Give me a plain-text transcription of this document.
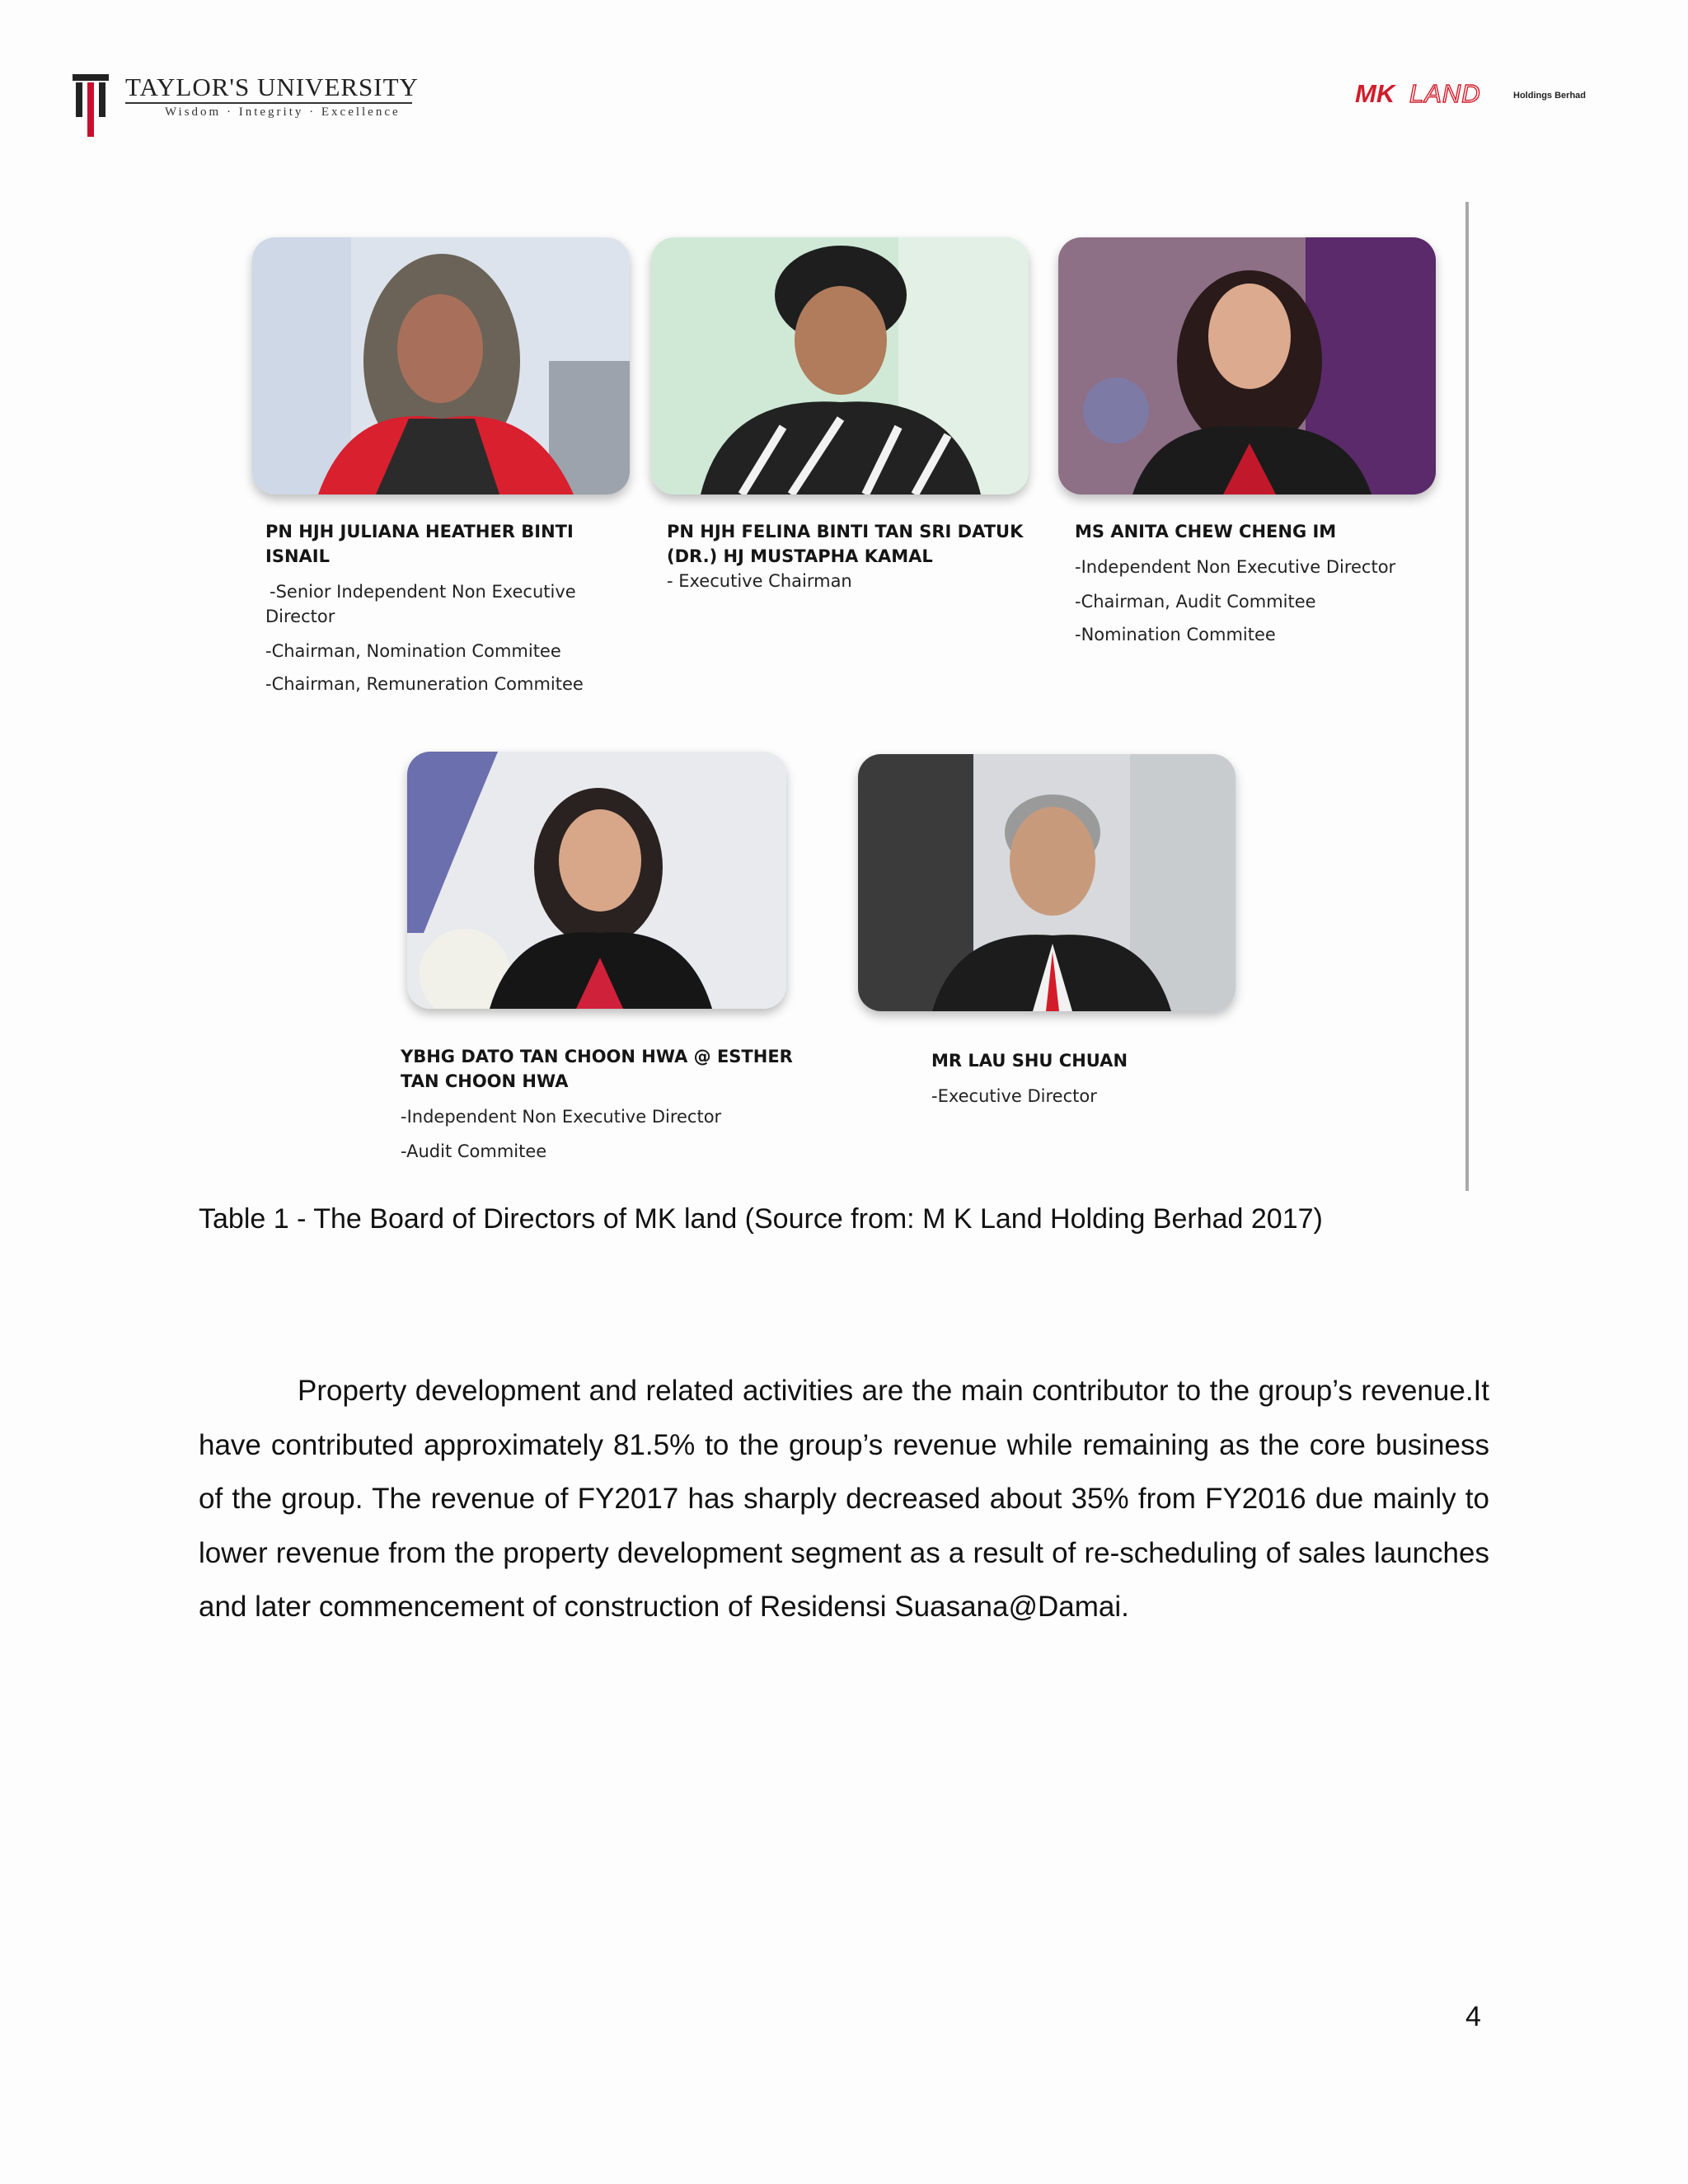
TAYLOR'S UNIVERSITY
Wisdom · Integrity · Excellence
MK LAND	Holdings Berhad
PN HJH JULIANA HEATHER BINTI
ISNAIL
-Senior Independent Non Executive
Director
-Chairman, Nomination Commitee
-Chairman, Remuneration Commitee
PN HJH FELINA BINTI TAN SRI DATUK
(DR.) HJ MUSTAPHA KAMAL
- Executive Chairman
MS ANITA CHEW CHENG IM
-Independent Non Executive Director
-Chairman, Audit Commitee
-Nomination Commitee
YBHG DATO TAN CHOON HWA @ ESTHER
TAN CHOON HWA
-Independent Non Executive Director
-Audit Commitee
MR LAU SHU CHUAN
-Executive Director
Table 1 - The Board of Directors of MK land (Source from: M K Land Holding Berhad 2017)
Property development and related activities are the main contributor to the group’s revenue.It have contributed approximately 81.5% to the group’s revenue while remaining as the core business of the group. The revenue of FY2017 has sharply decreased about 35% from FY2016 due mainly to lower revenue from the property development segment as a result of re-scheduling of sales launches and later commencement of construction of Residensi Suasana@Damai.
4
